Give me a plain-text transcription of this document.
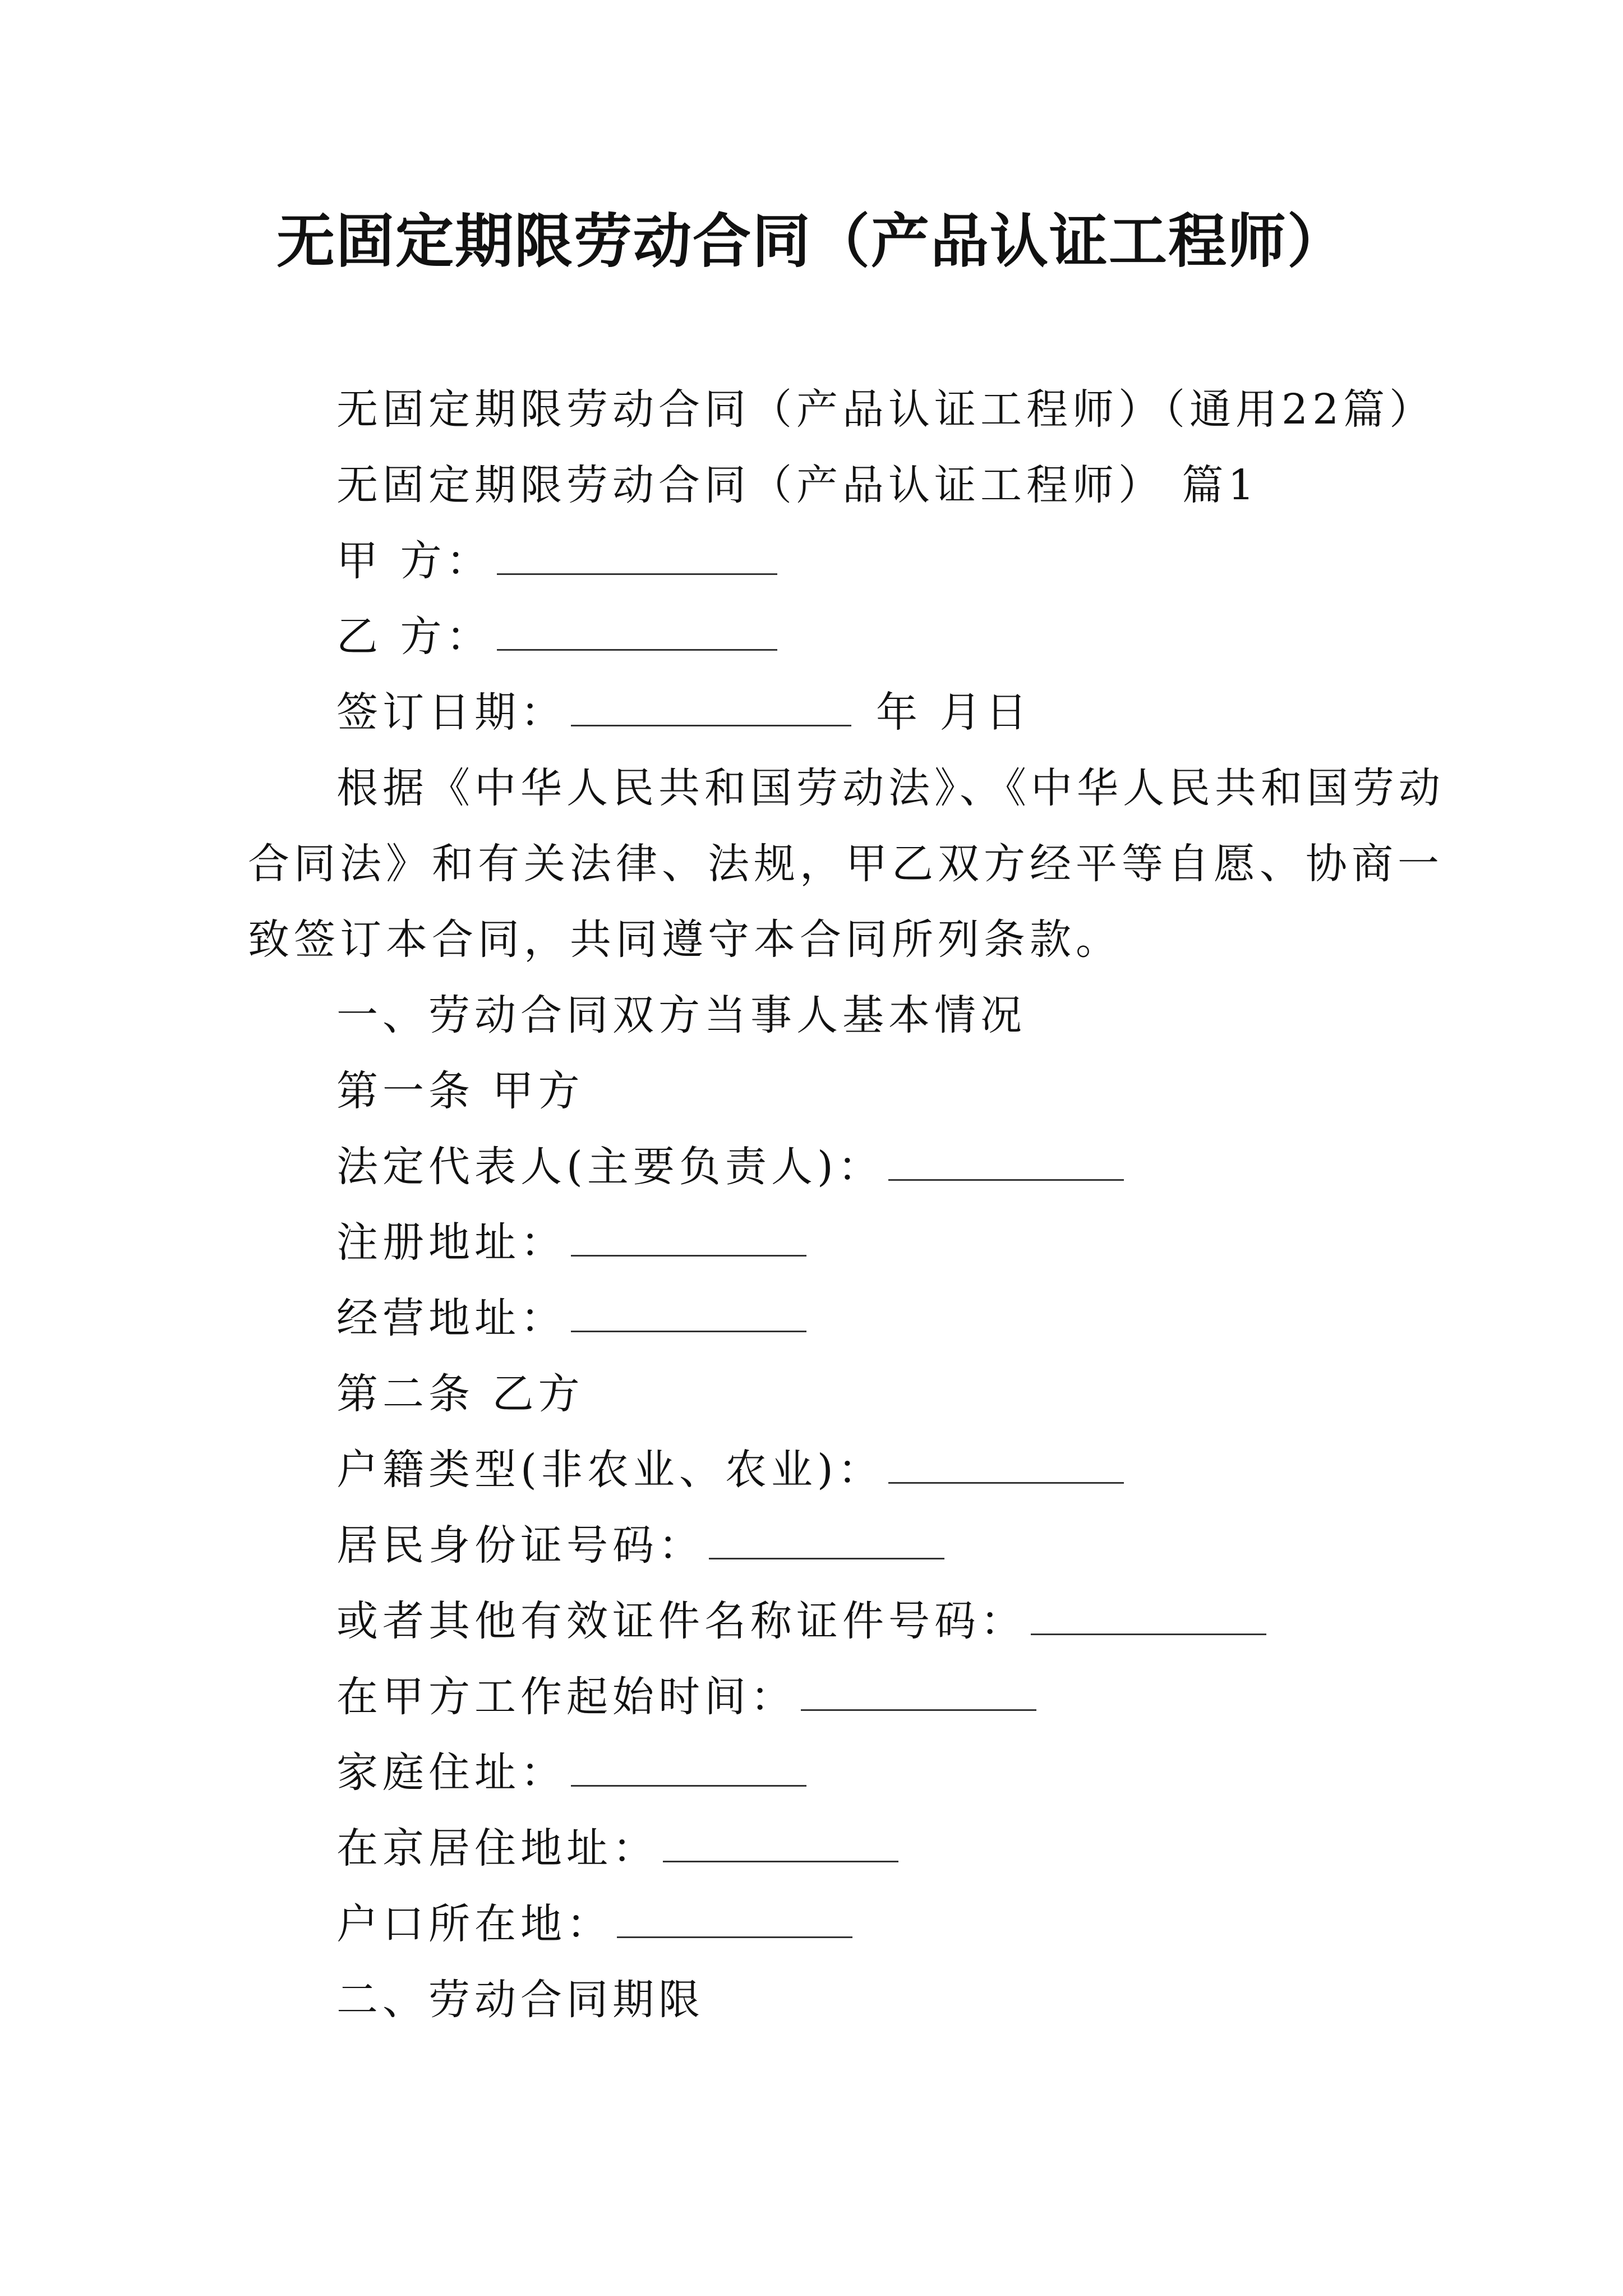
无固定期限劳动合同（产品认证工程师）
无固定期限劳动合同（产品认证工程师）（通用22篇）
无固定期限劳动合同（产品认证工程师） 篇1
甲 方：
乙 方：
签订日期：	年 月日
根据《中华人民共和国劳动法》、《中华人民共和国劳动
合同法》和有关法律、法规，甲乙双方经平等自愿、协商一
致签订本合同，共同遵守本合同所列条款。
一、劳动合同双方当事人基本情况
第一条 甲方
法定代表人(主要负责人)：
注册地址：
经营地址：
第二条 乙方
户籍类型(非农业、农业)：
居民身份证号码：
或者其他有效证件名称证件号码：
在甲方工作起始时间：
家庭住址：
在京居住地址：
户口所在地：
二、劳动合同期限
